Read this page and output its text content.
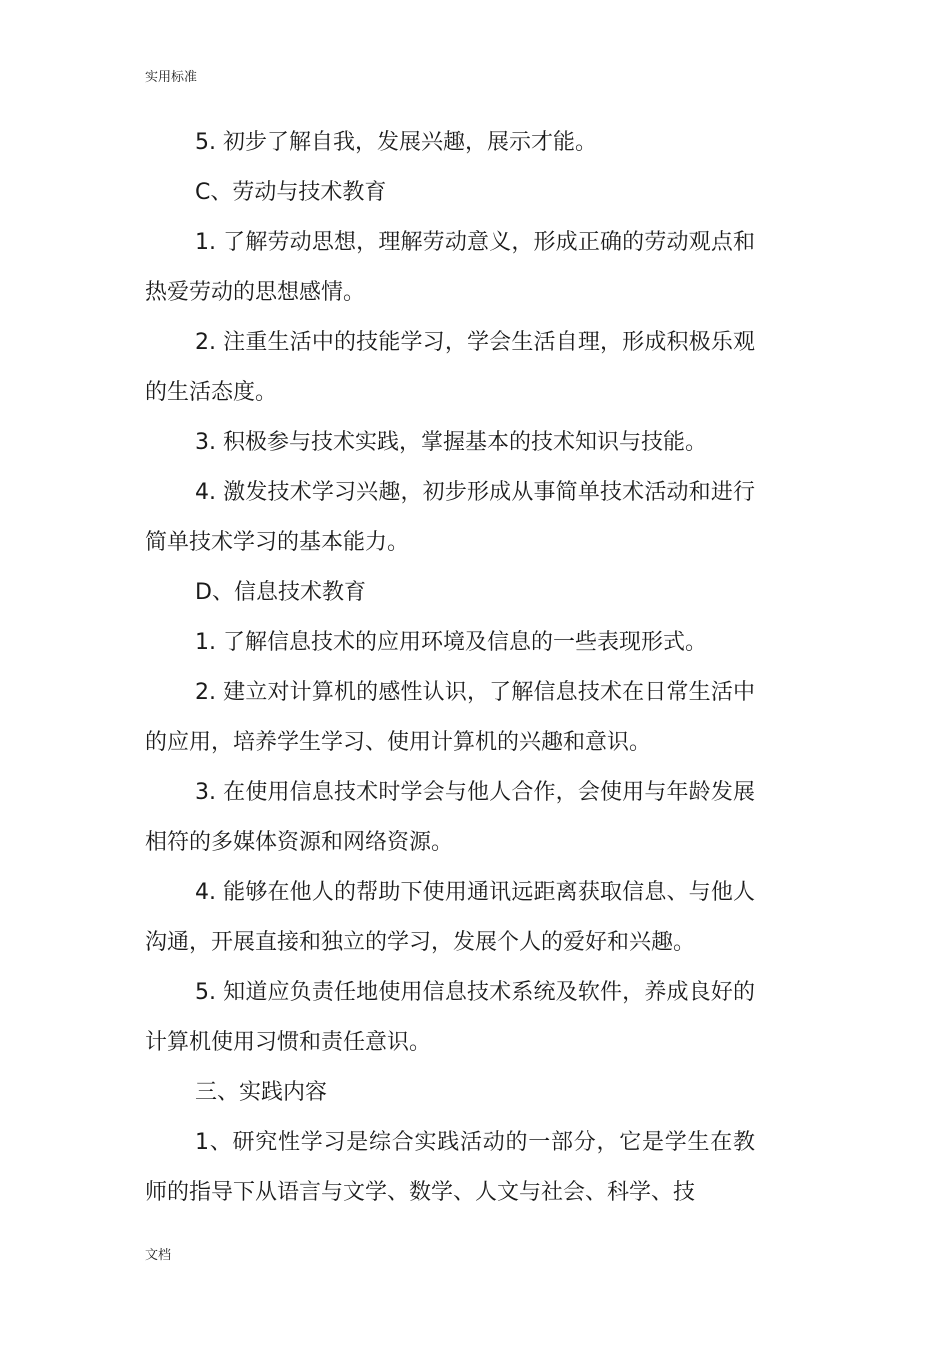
实用标准

5. 初步了解自我，发展兴趣，展示才能。

C、劳动与技术教育

1. 了解劳动思想，理解劳动意义，形成正确的劳动观点和热爱劳动的思想感情。

2. 注重生活中的技能学习，学会生活自理，形成积极乐观的生活态度。

3. 积极参与技术实践，掌握基本的技术知识与技能。

4. 激发技术学习兴趣，初步形成从事简单技术活动和进行简单技术学习的基本能力。

D、信息技术教育

1. 了解信息技术的应用环境及信息的一些表现形式。

2. 建立对计算机的感性认识，了解信息技术在日常生活中的应用，培养学生学习、使用计算机的兴趣和意识。

3. 在使用信息技术时学会与他人合作，会使用与年龄发展相符的多媒体资源和网络资源。

4. 能够在他人的帮助下使用通讯远距离获取信息、与他人沟通，开展直接和独立的学习，发展个人的爱好和兴趣。

5. 知道应负责任地使用信息技术系统及软件，养成良好的计算机使用习惯和责任意识。

三、实践内容

1、研究性学习是综合实践活动的一部分，它是学生在教师的指导下从语言与文学、数学、人文与社会、科学、技

文档
